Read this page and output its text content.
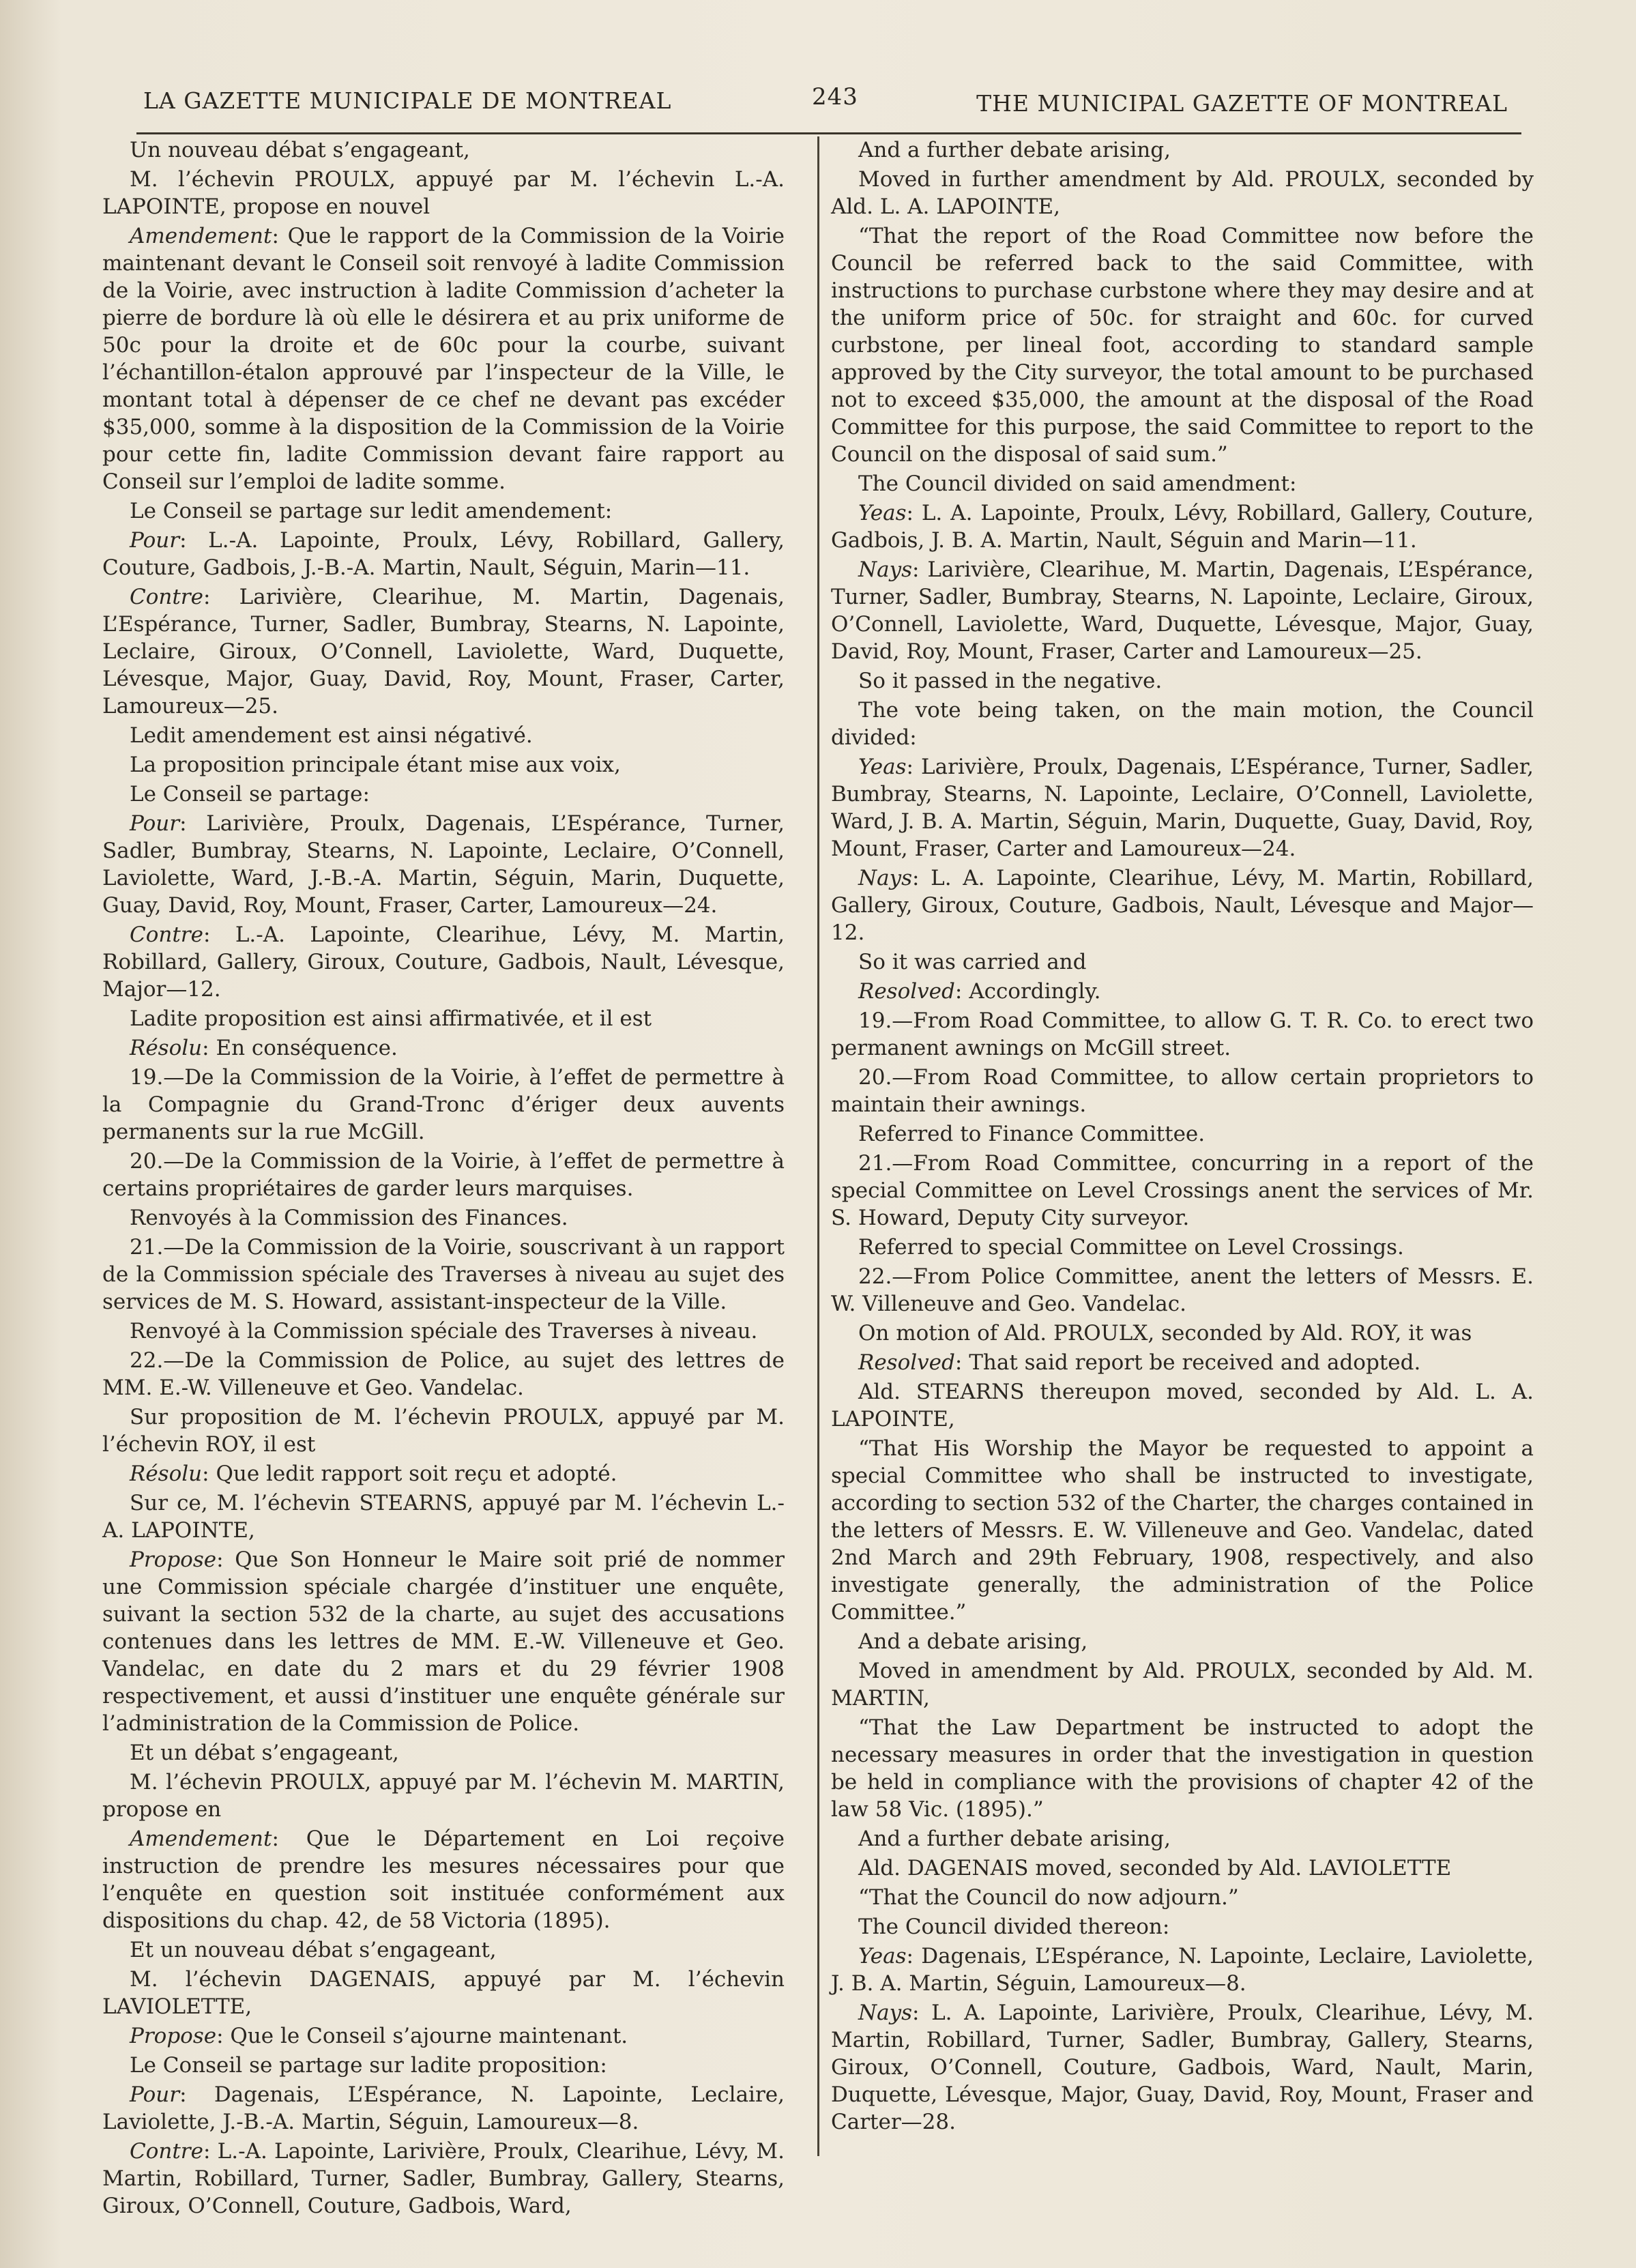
LA GAZETTE MUNICIPALE DE MONTREAL	243	THE MUNICIPAL GAZETTE OF MONTREAL

Un nouveau débat s’engageant,

M. l’échevin PROULX, appuyé par M. l’échevin L.-A. LAPOINTE, propose en nouvel

Amendement: Que le rapport de la Commission de la Voirie maintenant devant le Conseil soit renvoyé à ladite Commission de la Voirie, avec instruction à ladite Commission d’acheter la pierre de bordure là où elle le désirera et au prix uniforme de 50c pour la droite et de 60c pour la courbe, suivant l’échantillon-étalon approuvé par l’inspecteur de la Ville, le montant total à dépenser de ce chef ne devant pas excéder $35,000, somme à la disposition de la Commission de la Voirie pour cette fin, ladite Commission devant faire rapport au Conseil sur l’emploi de ladite somme.

Le Conseil se partage sur ledit amendement:

Pour: L.-A. Lapointe, Proulx, Lévy, Robillard, Gallery, Couture, Gadbois, J.-B.-A. Martin, Nault, Séguin, Marin—11.

Contre: Larivière, Clearihue, M. Martin, Dagenais, L’Espérance, Turner, Sadler, Bumbray, Stearns, N. Lapointe, Leclaire, Giroux, O’Connell, Laviolette, Ward, Duquette, Lévesque, Major, Guay, David, Roy, Mount, Fraser, Carter, Lamoureux—25.

Ledit amendement est ainsi négativé.

La proposition principale étant mise aux voix,

Le Conseil se partage:

Pour: Larivière, Proulx, Dagenais, L’Espérance, Turner, Sadler, Bumbray, Stearns, N. Lapointe, Leclaire, O’Connell, Laviolette, Ward, J.-B.-A. Martin, Séguin, Marin, Duquette, Guay, David, Roy, Mount, Fraser, Carter, Lamoureux—24.

Contre: L.-A. Lapointe, Clearihue, Lévy, M. Martin, Robillard, Gallery, Giroux, Couture, Gadbois, Nault, Lévesque, Major—12.

Ladite proposition est ainsi affirmativée, et il est

Résolu: En conséquence.

19.—De la Commission de la Voirie, à l’effet de permettre à la Compagnie du Grand-Tronc d’ériger deux auvents permanents sur la rue McGill.

20.—De la Commission de la Voirie, à l’effet de permettre à certains propriétaires de garder leurs marquises.

Renvoyés à la Commission des Finances.

21.—De la Commission de la Voirie, souscrivant à un rapport de la Commission spéciale des Traverses à niveau au sujet des services de M. S. Howard, assistant-inspecteur de la Ville.

Renvoyé à la Commission spéciale des Traverses à niveau.

22.—De la Commission de Police, au sujet des lettres de MM. E.-W. Villeneuve et Geo. Vandelac.

Sur proposition de M. l’échevin PROULX, appuyé par M. l’échevin ROY, il est

Résolu: Que ledit rapport soit reçu et adopté.

Sur ce, M. l’échevin STEARNS, appuyé par M. l’échevin L.-A. LAPOINTE,

Propose: Que Son Honneur le Maire soit prié de nommer une Commission spéciale chargée d’instituer une enquête, suivant la section 532 de la charte, au sujet des accusations contenues dans les lettres de MM. E.-W. Villeneuve et Geo. Vandelac, en date du 2 mars et du 29 février 1908 respectivement, et aussi d’instituer une enquête générale sur l’administration de la Commission de Police.

Et un débat s’engageant,

M. l’échevin PROULX, appuyé par M. l’échevin M. MARTIN, propose en

Amendement: Que le Département en Loi reçoive instruction de prendre les mesures nécessaires pour que l’enquête en question soit instituée conformément aux dispositions du chap. 42, de 58 Victoria (1895).

Et un nouveau débat s’engageant,

M. l’échevin DAGENAIS, appuyé par M. l’échevin LAVIOLETTE,

Propose: Que le Conseil s’ajourne maintenant.

Le Conseil se partage sur ladite proposition:

Pour: Dagenais, L’Espérance, N. Lapointe, Leclaire, Laviolette, J.-B.-A. Martin, Séguin, Lamoureux—8.

Contre: L.-A. Lapointe, Larivière, Proulx, Clearihue, Lévy, M. Martin, Robillard, Turner, Sadler, Bumbray, Gallery, Stearns, Giroux, O’Connell, Couture, Gadbois, Ward,

And a further debate arising,

Moved in further amendment by Ald. PROULX, seconded by Ald. L. A. LAPOINTE,

“That the report of the Road Committee now before the Council be referred back to the said Committee, with instructions to purchase curbstone where they may desire and at the uniform price of 50c. for straight and 60c. for curved curbstone, per lineal foot, according to standard sample approved by the City surveyor, the total amount to be purchased not to exceed $35,000, the amount at the disposal of the Road Committee for this purpose, the said Committee to report to the Council on the disposal of said sum.”

The Council divided on said amendment:

Yeas: L. A. Lapointe, Proulx, Lévy, Robillard, Gallery, Couture, Gadbois, J. B. A. Martin, Nault, Séguin and Marin—11.

Nays: Larivière, Clearihue, M. Martin, Dagenais, L’Espérance, Turner, Sadler, Bumbray, Stearns, N. Lapointe, Leclaire, Giroux, O’Connell, Laviolette, Ward, Duquette, Lévesque, Major, Guay, David, Roy, Mount, Fraser, Carter and Lamoureux—25.

So it passed in the negative.

The vote being taken, on the main motion, the Council divided:

Yeas: Larivière, Proulx, Dagenais, L’Espérance, Turner, Sadler, Bumbray, Stearns, N. Lapointe, Leclaire, O’Connell, Laviolette, Ward, J. B. A. Martin, Séguin, Marin, Duquette, Guay, David, Roy, Mount, Fraser, Carter and Lamoureux—24.

Nays: L. A. Lapointe, Clearihue, Lévy, M. Martin, Robillard, Gallery, Giroux, Couture, Gadbois, Nault, Lévesque and Major—12.

So it was carried and

Resolved: Accordingly.

19.—From Road Committee, to allow G. T. R. Co. to erect two permanent awnings on McGill street.

20.—From Road Committee, to allow certain proprietors to maintain their awnings.

Referred to Finance Committee.

21.—From Road Committee, concurring in a report of the special Committee on Level Crossings anent the services of Mr. S. Howard, Deputy City surveyor.

Referred to special Committee on Level Crossings.

22.—From Police Committee, anent the letters of Messrs. E. W. Villeneuve and Geo. Vandelac.

On motion of Ald. PROULX, seconded by Ald. ROY, it was

Resolved: That said report be received and adopted.

Ald. STEARNS thereupon moved, seconded by Ald. L. A. LAPOINTE,

“That His Worship the Mayor be requested to appoint a special Committee who shall be instructed to investigate, according to section 532 of the Charter, the charges contained in the letters of Messrs. E. W. Villeneuve and Geo. Vandelac, dated 2nd March and 29th February, 1908, respectively, and also investigate generally, the administration of the Police Committee.”

And a debate arising,

Moved in amendment by Ald. PROULX, seconded by Ald. M. MARTIN,

“That the Law Department be instructed to adopt the necessary measures in order that the investigation in question be held in compliance with the provisions of chapter 42 of the law 58 Vic. (1895).”

And a further debate arising,

Ald. DAGENAIS moved, seconded by Ald. LAVIOLETTE

“That the Council do now adjourn.”

The Council divided thereon:

Yeas: Dagenais, L’Espérance, N. Lapointe, Leclaire, Laviolette, J. B. A. Martin, Séguin, Lamoureux—8.

Nays: L. A. Lapointe, Larivière, Proulx, Clearihue, Lévy, M. Martin, Robillard, Turner, Sadler, Bumbray, Gallery, Stearns, Giroux, O’Connell, Couture, Gadbois, Ward, Nault, Marin, Duquette, Lévesque, Major, Guay, David, Roy, Mount, Fraser and Carter—28.
